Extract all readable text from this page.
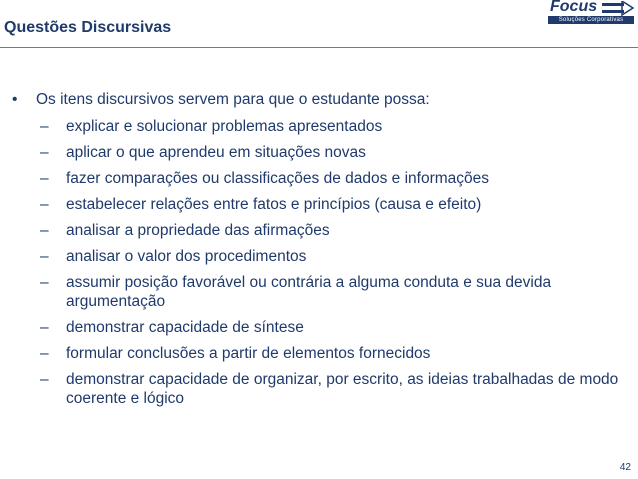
Questões Discursivas
Focus
Soluções Corporativas
• Os itens discursivos servem para que o estudante possa:
– explicar e solucionar problemas apresentados
– aplicar o que aprendeu em situações novas
– fazer comparações ou classificações de dados e informações
– estabelecer relações entre fatos e princípios (causa e efeito)
– analisar a propriedade das afirmações
– analisar o valor dos procedimentos
– assumir posição favorável ou contrária a alguma conduta e sua devida argumentação
– demonstrar capacidade de síntese
– formular conclusões a partir de elementos fornecidos
– demonstrar capacidade de organizar, por escrito, as ideias trabalhadas de modo coerente e lógico
42
